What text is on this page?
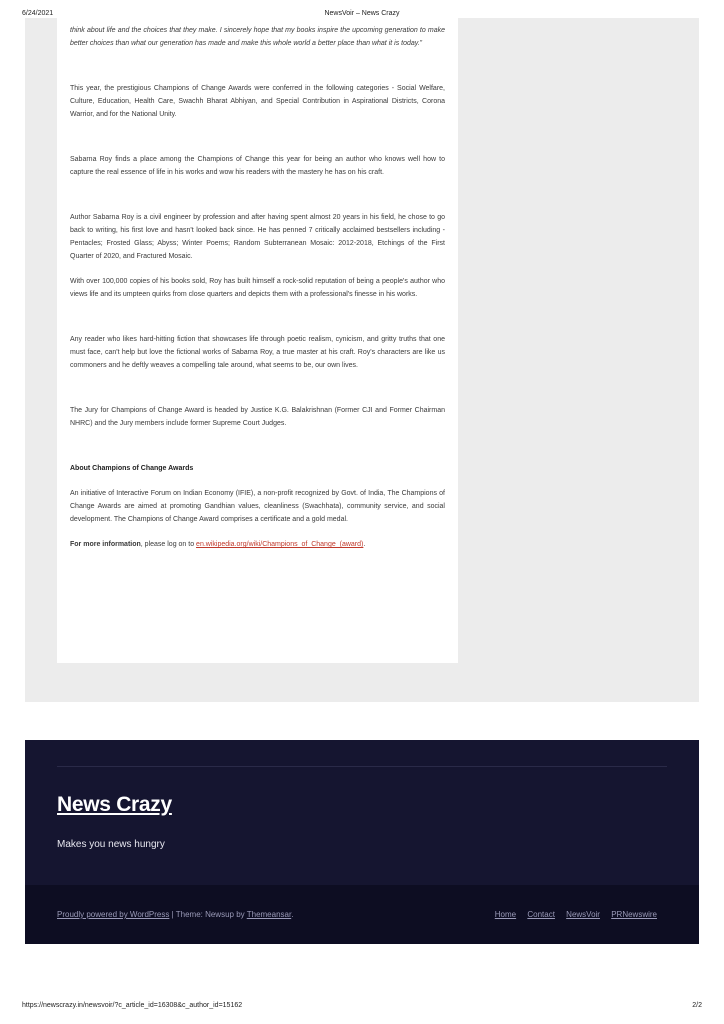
6/24/2021	NewsVoir – News Crazy

think about life and the choices that they make. I sincerely hope that my books inspire the upcoming generation to make better choices than what our generation has made and make this whole world a better place than what it is today.”

This year, the prestigious Champions of Change Awards were conferred in the following categories - Social Welfare, Culture, Education, Health Care, Swachh Bharat Abhiyan, and Special Contribution in Aspirational Districts, Corona Warrior, and for the National Unity.

Sabarna Roy finds a place among the Champions of Change this year for being an author who knows well how to capture the real essence of life in his works and wow his readers with the mastery he has on his craft.

Author Sabarna Roy is a civil engineer by profession and after having spent almost 20 years in his field, he chose to go back to writing, his first love and hasn't looked back since. He has penned 7 critically acclaimed bestsellers including - Pentacles; Frosted Glass; Abyss; Winter Poems; Random Subterranean Mosaic: 2012-2018, Etchings of the First Quarter of 2020, and Fractured Mosaic.

With over 100,000 copies of his books sold, Roy has built himself a rock-solid reputation of being a people's author who views life and its umpteen quirks from close quarters and depicts them with a professional's finesse in his works.

Any reader who likes hard-hitting fiction that showcases life through poetic realism, cynicism, and gritty truths that one must face, can't help but love the fictional works of Sabarna Roy, a true master at his craft. Roy's characters are like us commoners and he deftly weaves a compelling tale around, what seems to be, our own lives.

The Jury for Champions of Change Award is headed by Justice K.G. Balakrishnan (Former CJI and Former Chairman NHRC) and the Jury members include former Supreme Court Judges.

About Champions of Change Awards

An initiative of Interactive Forum on Indian Economy (IFIE), a non-profit recognized by Govt. of India, The Champions of Change Awards are aimed at promoting Gandhian values, cleanliness (Swachhata), community service, and social development. The Champions of Change Award comprises a certificate and a gold medal.

For more information, please log on to en.wikipedia.org/wiki/Champions_of_Change_(award).

News Crazy
Makes you news hungry
Proudly powered by WordPress | Theme: Newsup by Themeansar.	Home Contact NewsVoir PRNewswire
https://newscrazy.in/newsvoir/?c_article_id=16308&c_author_id=15162	2/2
